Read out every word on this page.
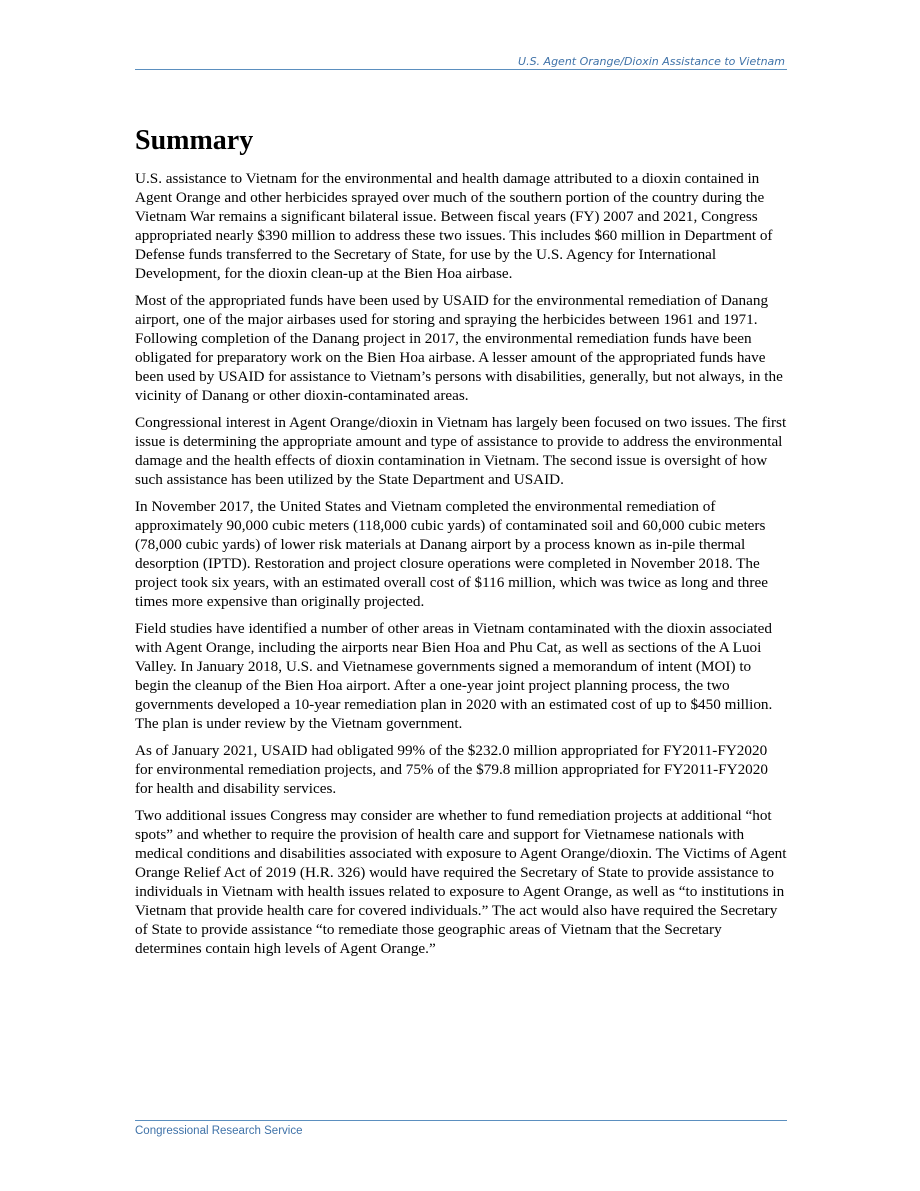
U.S. Agent Orange/Dioxin Assistance to Vietnam
Summary

U.S. assistance to Vietnam for the environmental and health damage attributed to a dioxin contained in Agent Orange and other herbicides sprayed over much of the southern portion of the country during the Vietnam War remains a significant bilateral issue. Between fiscal years (FY) 2007 and 2021, Congress appropriated nearly $390 million to address these two issues. This includes $60 million in Department of Defense funds transferred to the Secretary of State, for use by the U.S. Agency for International Development, for the dioxin clean-up at the Bien Hoa airbase.

Most of the appropriated funds have been used by USAID for the environmental remediation of Danang airport, one of the major airbases used for storing and spraying the herbicides between 1961 and 1971. Following completion of the Danang project in 2017, the environmental remediation funds have been obligated for preparatory work on the Bien Hoa airbase. A lesser amount of the appropriated funds have been used by USAID for assistance to Vietnam’s persons with disabilities, generally, but not always, in the vicinity of Danang or other dioxin-contaminated areas.

Congressional interest in Agent Orange/dioxin in Vietnam has largely been focused on two issues. The first issue is determining the appropriate amount and type of assistance to provide to address the environmental damage and the health effects of dioxin contamination in Vietnam. The second issue is oversight of how such assistance has been utilized by the State Department and USAID.

In November 2017, the United States and Vietnam completed the environmental remediation of approximately 90,000 cubic meters (118,000 cubic yards) of contaminated soil and 60,000 cubic meters (78,000 cubic yards) of lower risk materials at Danang airport by a process known as in-pile thermal desorption (IPTD). Restoration and project closure operations were completed in November 2018. The project took six years, with an estimated overall cost of $116 million, which was twice as long and three times more expensive than originally projected.

Field studies have identified a number of other areas in Vietnam contaminated with the dioxin associated with Agent Orange, including the airports near Bien Hoa and Phu Cat, as well as sections of the A Luoi Valley. In January 2018, U.S. and Vietnamese governments signed a memorandum of intent (MOI) to begin the cleanup of the Bien Hoa airport. After a one-year joint project planning process, the two governments developed a 10-year remediation plan in 2020 with an estimated cost of up to $450 million. The plan is under review by the Vietnam government.

As of January 2021, USAID had obligated 99% of the $232.0 million appropriated for FY2011-FY2020 for environmental remediation projects, and 75% of the $79.8 million appropriated for FY2011-FY2020 for health and disability services.

Two additional issues Congress may consider are whether to fund remediation projects at additional “hot spots” and whether to require the provision of health care and support for Vietnamese nationals with medical conditions and disabilities associated with exposure to Agent Orange/dioxin. The Victims of Agent Orange Relief Act of 2019 (H.R. 326) would have required the Secretary of State to provide assistance to individuals in Vietnam with health issues related to exposure to Agent Orange, as well as “to institutions in Vietnam that provide health care for covered individuals.” The act would also have required the Secretary of State to provide assistance “to remediate those geographic areas of Vietnam that the Secretary determines contain high levels of Agent Orange.”

Congressional Research Service
